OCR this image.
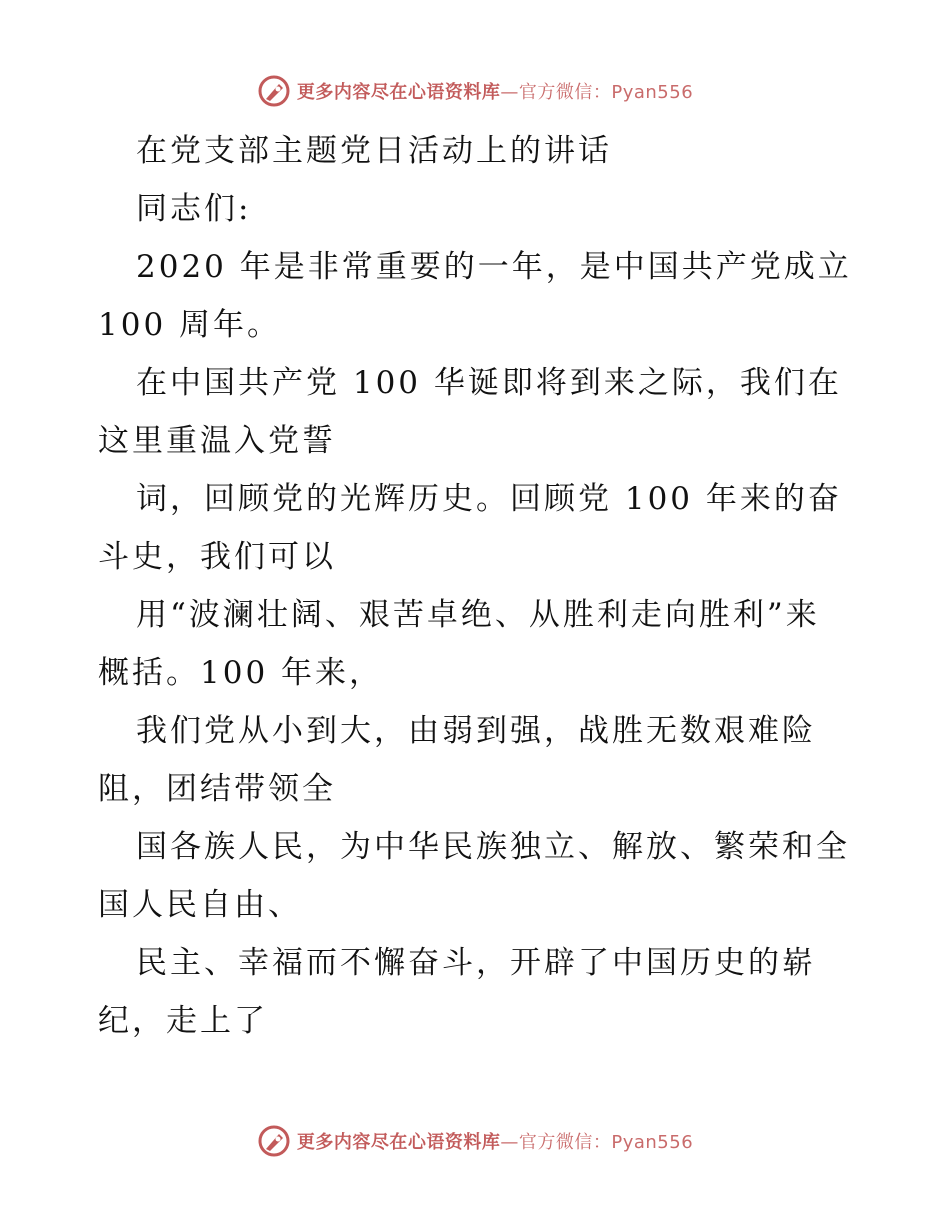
更多内容尽在心语资料库—官方微信：Pyan556
在党支部主题党日活动上的讲话
同志们:
2020 年是非常重要的一年，是中国共产党成立
100 周年。
在中国共产党 100 华诞即将到来之际，我们在
这里重温入党誓
词，回顾党的光辉历史。回顾党 100 年来的奋
斗史，我们可以
用“波澜壮阔、艰苦卓绝、从胜利走向胜利”来
概括。100 年来，
我们党从小到大，由弱到强，战胜无数艰难险
阻，团结带领全
国各族人民，为中华民族独立、解放、繁荣和全
国人民自由、
民主、幸福而不懈奋斗，开辟了中国历史的崭
纪，走上了
更多内容尽在心语资料库—官方微信：Pyan556
